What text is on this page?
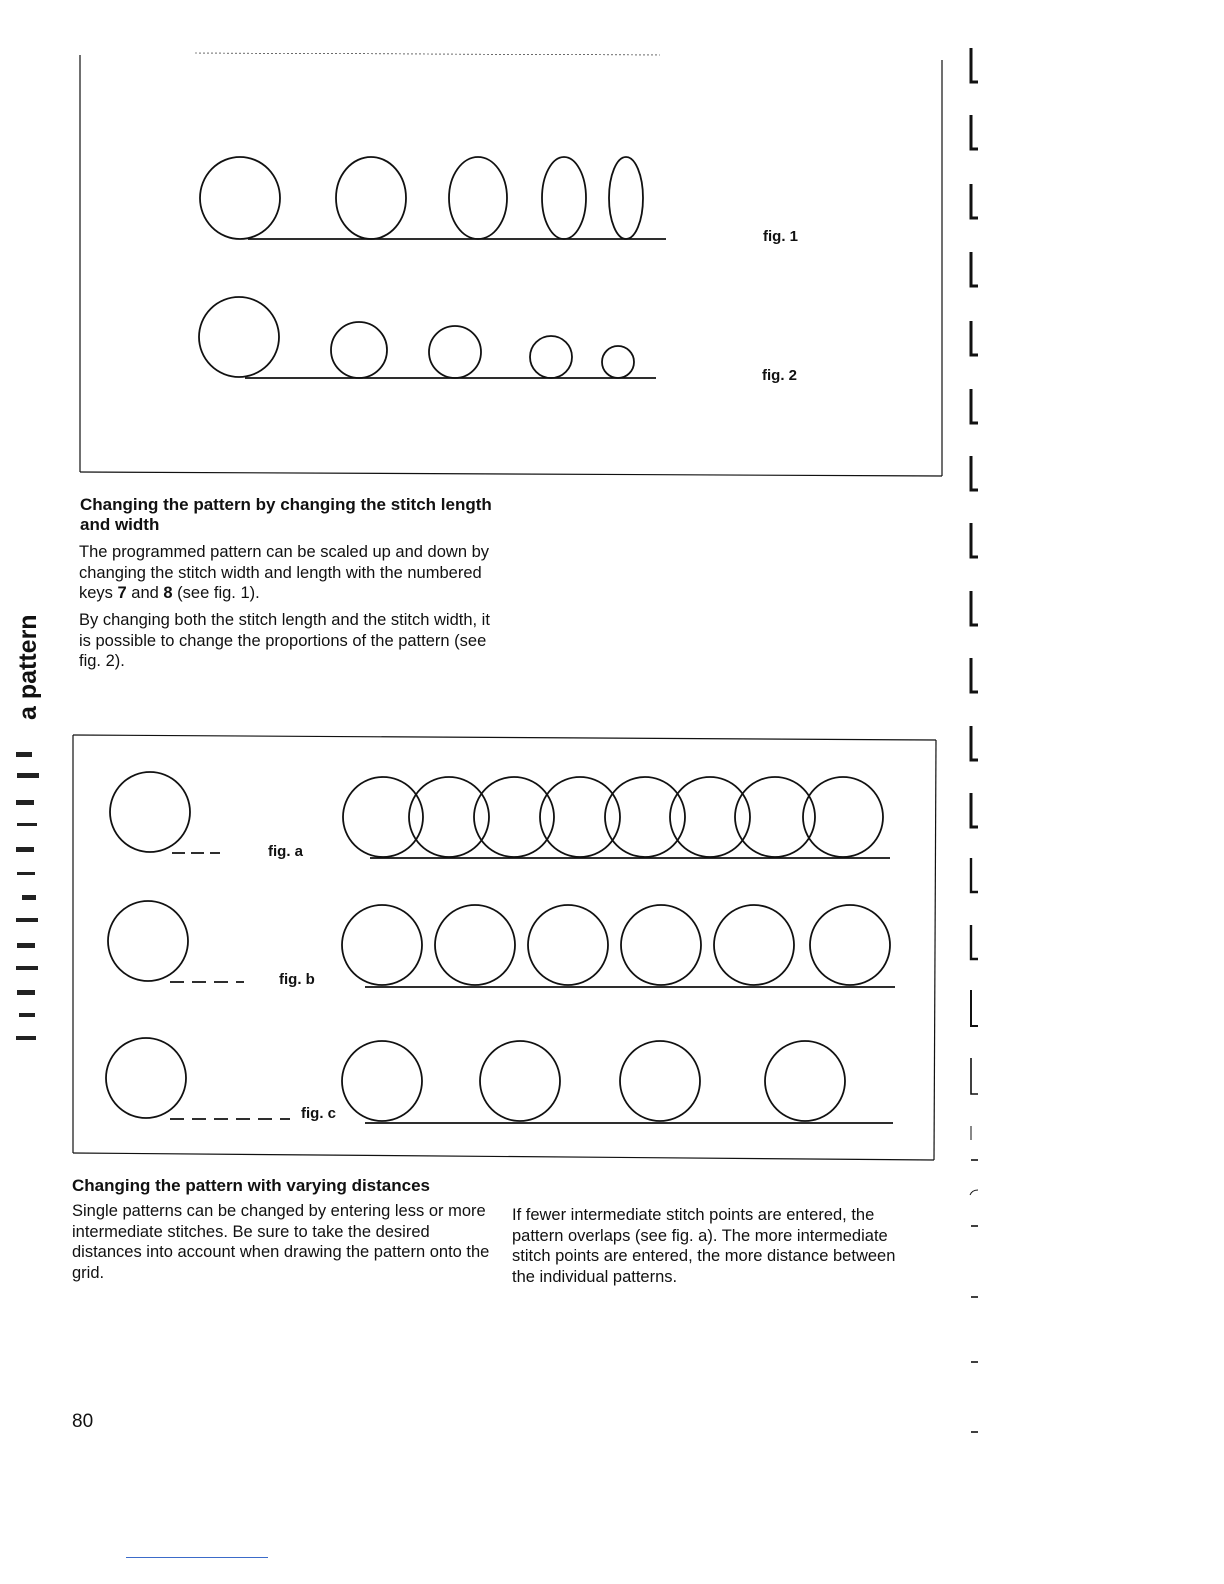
fig. 1
fig. 2
Changing the pattern by changing the stitch length and width

The programmed pattern can be scaled up and down by changing the stitch width and length with the numbered keys 7 and 8 (see fig. 1).

By changing both the stitch length and the stitch width, it is possible to change the proportions of the pattern (see fig. 2).

fig. a
fig. b
fig. c
Changing the pattern with varying distances

Single patterns can be changed by entering less or more intermediate stitches. Be sure to take the desired distances into account when drawing the pattern onto the grid.

If fewer intermediate stitch points are entered, the pattern overlaps (see fig. a). The more intermediate stitch points are entered, the more distance between the individual patterns.

a pattern
80
